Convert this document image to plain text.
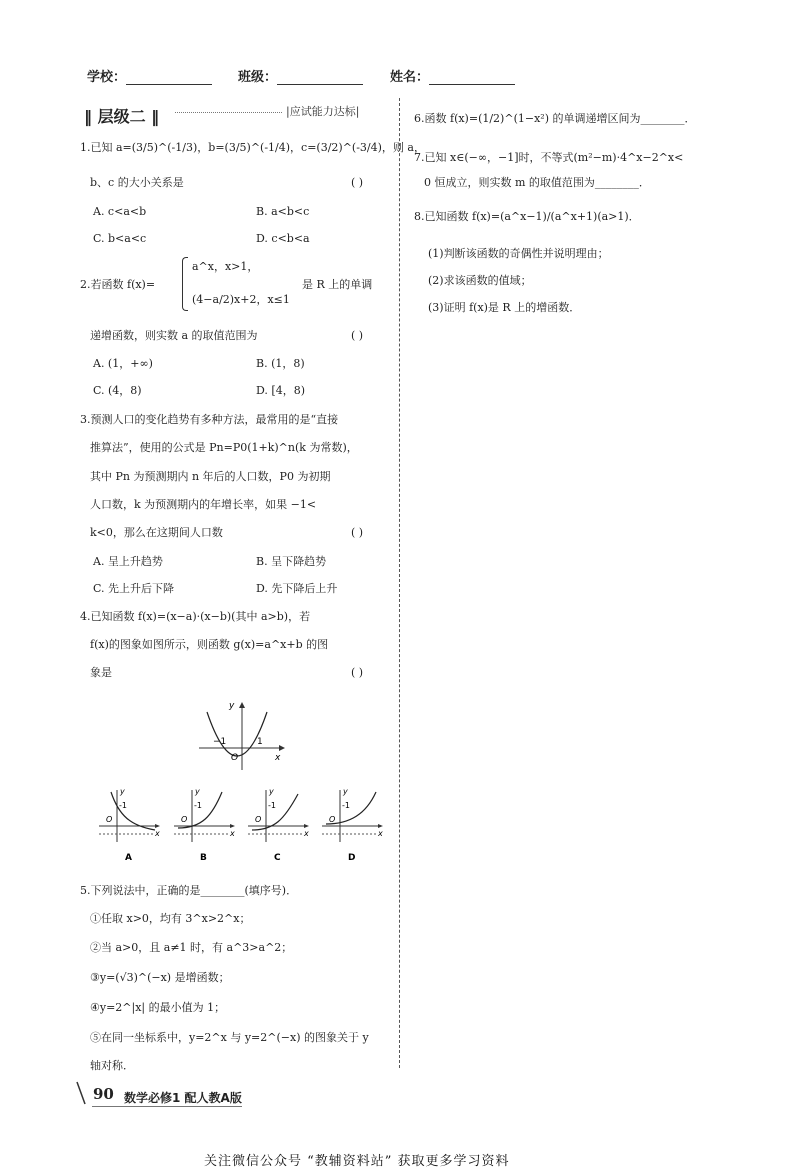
学校：	班级：	姓名：
‖ 层级二 ‖	|应试能力达标|
1.已知 a=(3/5)^(-1/3)，b=(3/5)^(-1/4)，c=(3/2)^(-3/4)，则 a，
b、c 的大小关系是	( )
A. c<a<b	B. a<b<c
C. b<a<c	D. c<b<a
2.若函数 f(x)=
a^x，x>1，
(4−a/2)x+2，x≤1
是 R 上的单调
递增函数，则实数 a 的取值范围为	( )
A. (1，+∞)	B. (1，8)
C. (4，8)	D. [4，8)
3.预测人口的变化趋势有多种方法，最常用的是“直接
推算法”，使用的公式是 Pn=P0(1+k)^n(k 为常数)，
其中 Pn 为预测期内 n 年后的人口数，P0 为初期
人口数，k 为预测期内的年增长率，如果 −1<
k<0，那么在这期间人口数	( )
A. 呈上升趋势	B. 呈下降趋势
C. 先上升后下降	D. 先下降后上升
4.已知函数 f(x)=(x−a)·(x−b)(其中 a>b)，若
f(x)的图象如图所示，则函数 g(x)=a^x+b 的图
象是	( )
y
x
−1	1
O
y
x
O
-1
A
y
x
O
-1
B
y
x
O
-1
C
y
x
O
-1
D
5.下列说法中，正确的是________(填序号)．
①任取 x>0，均有 3^x>2^x；
②当 a>0，且 a≠1 时，有 a^3>a^2；
③y=(√3)^(−x) 是增函数；
④y=2^|x| 的最小值为 1；
⑤在同一坐标系中，y=2^x 与 y=2^(−x) 的图象关于 y
轴对称．
6.函数 f(x)=(1/2)^(1−x²) 的单调递增区间为________．
7.已知 x∈(−∞，−1]时，不等式(m²−m)·4^x−2^x<
0 恒成立，则实数 m 的取值范围为________．
8.已知函数 f(x)=(a^x−1)/(a^x+1)(a>1)．
(1)判断该函数的奇偶性并说明理由；
(2)求该函数的值域；
(3)证明 f(x)是 R 上的增函数．
90 数学必修1 配人教A版
关注微信公众号 “教辅资料站” 获取更多学习资料
